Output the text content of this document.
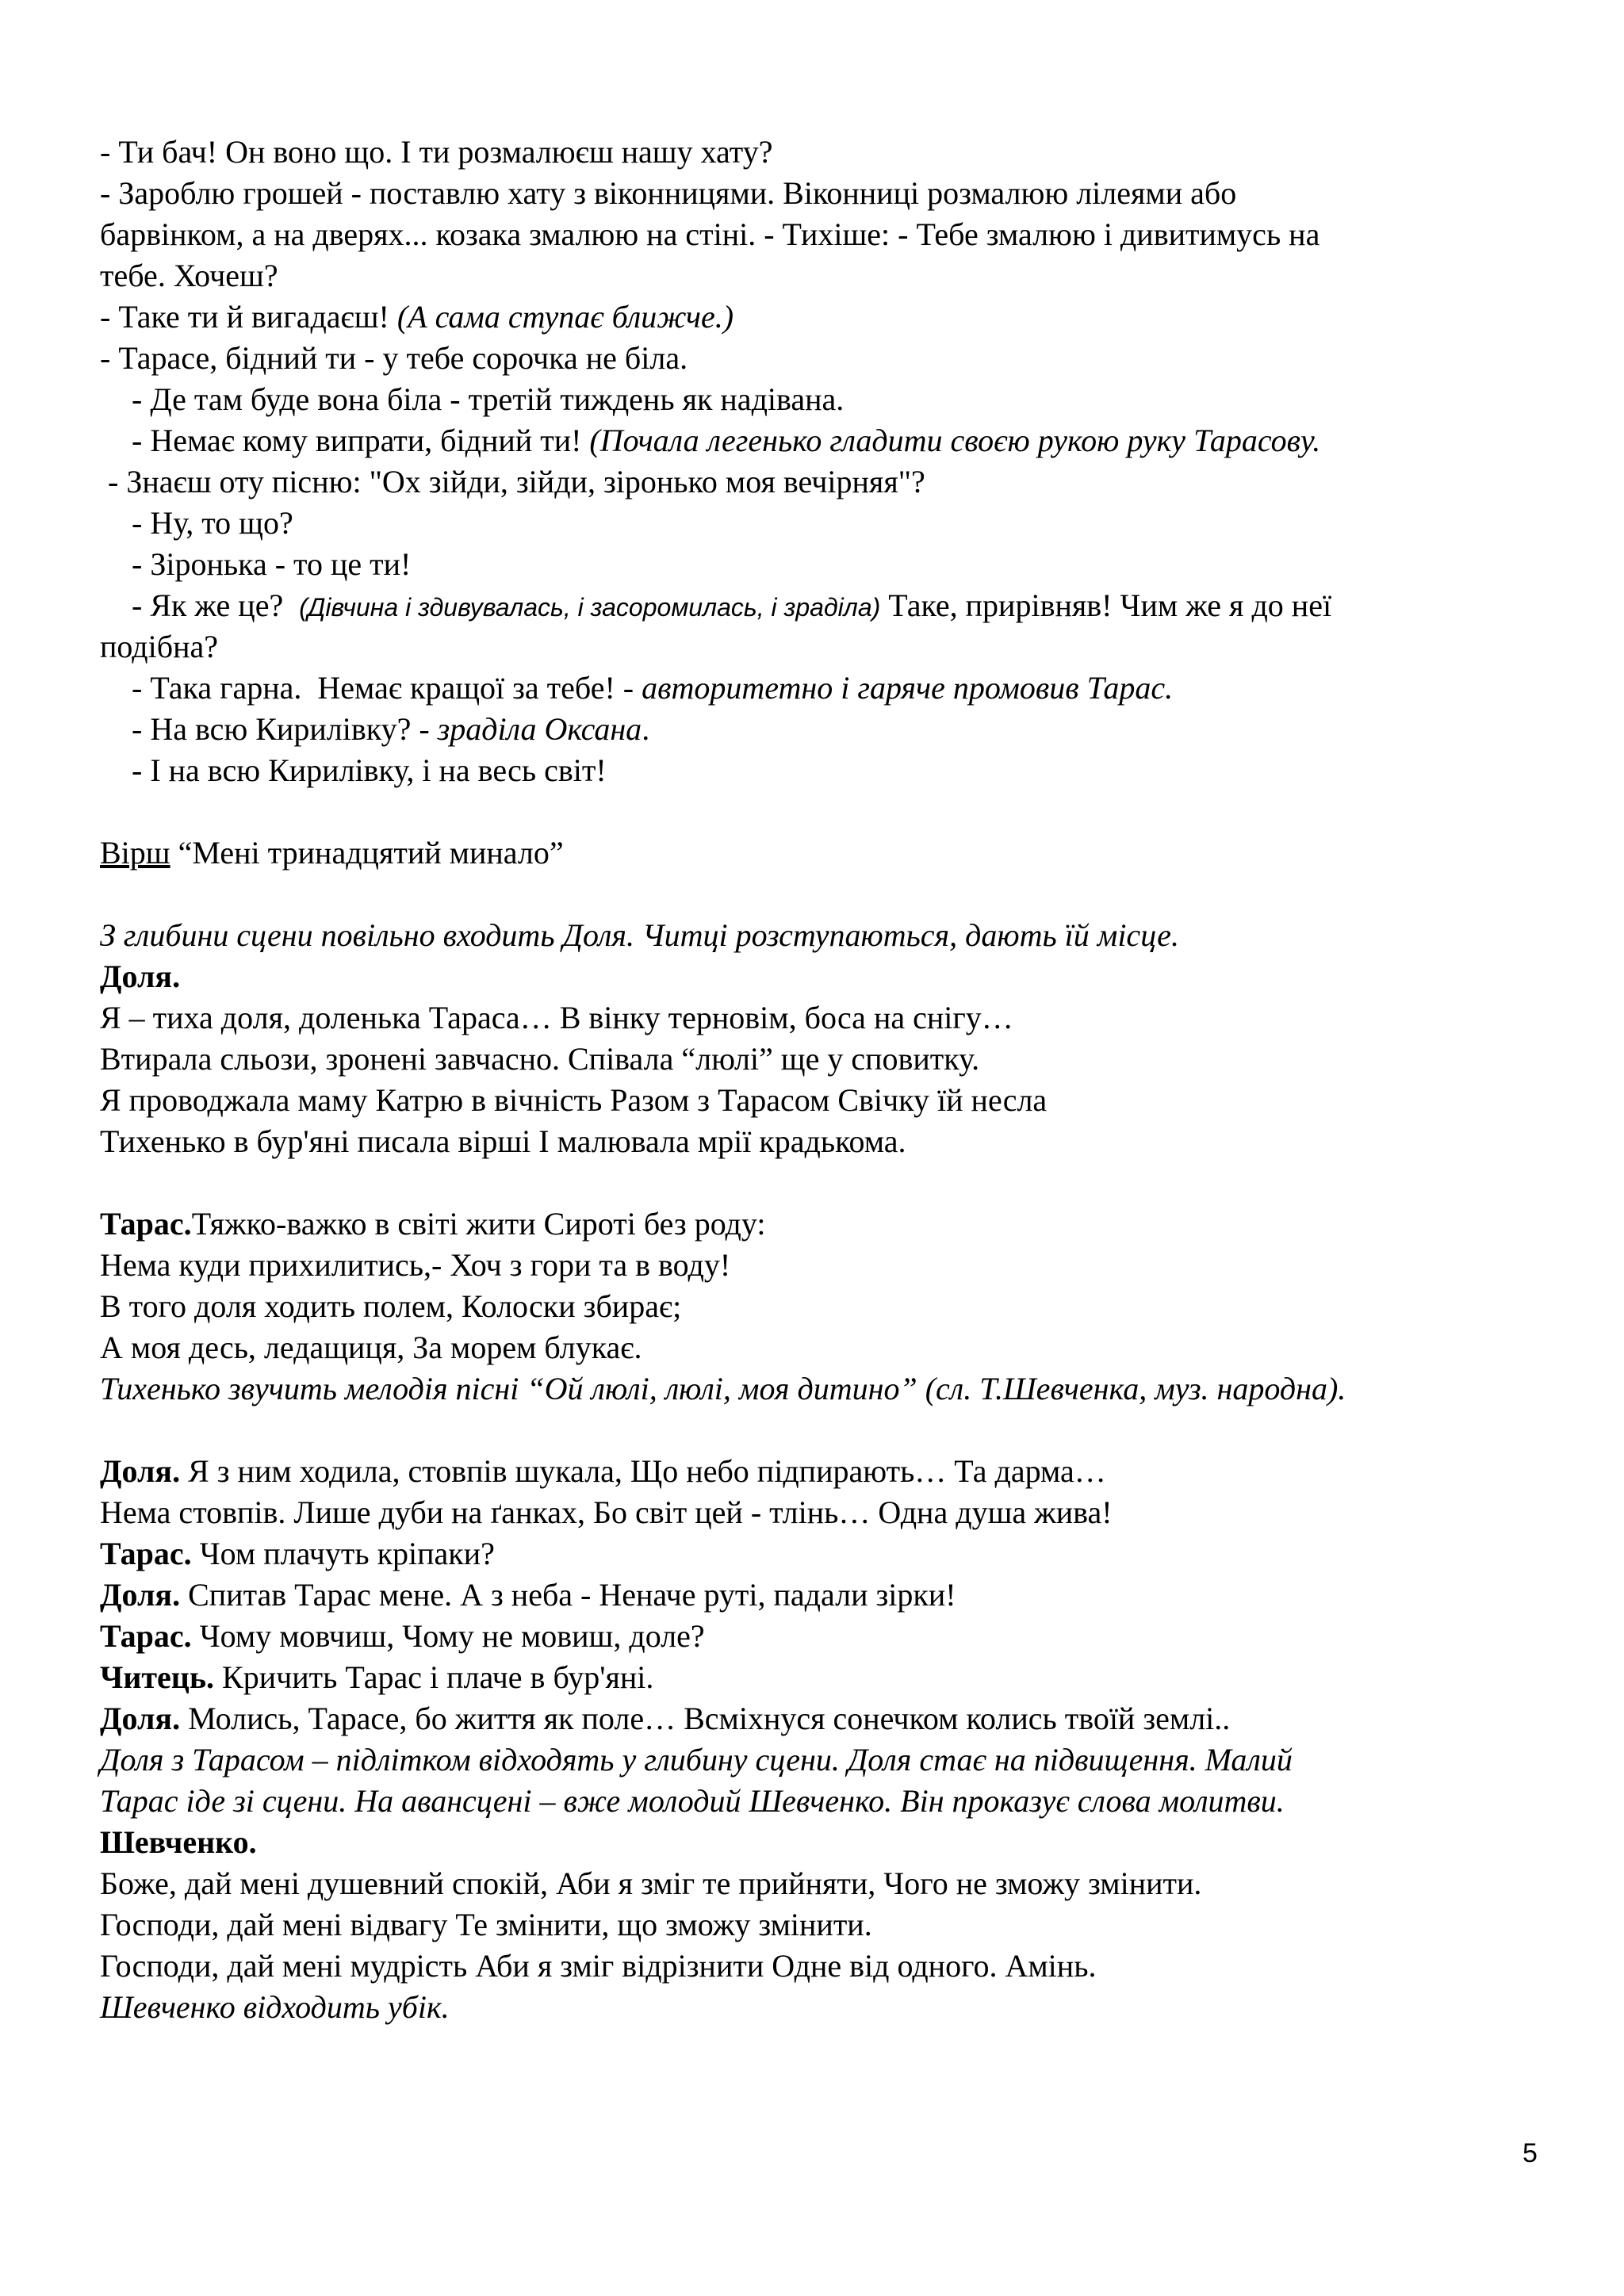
- Ти бач! Он воно що. І ти розмалюєш нашу хату?
- Зароблю грошей - поставлю хату з віконницями. Віконниці розмалюю лілеями або
барвінком, а на дверях... козака змалюю на стіні. - Тихіше: - Тебе змалюю і дивитимусь на
тебе. Хочеш?
- Таке ти й вигадаєш! (А сама ступає ближче.)
- Тарасе, бідний ти - у тебе сорочка не біла.
- Де там буде вона біла - третій тиждень як надівана.
- Немає кому випрати, бідний ти! (Почала легенько гладити своєю рукою руку Тарасову.
- Знаєш оту пісню: "Ох зійди, зійди, зіронько моя вечірняя"?
- Ну, то що?
- Зіронька - то це ти!
- Як же це?  (Дівчина і здивувалась, і засоромилась, і зраділа) Таке, прирівняв! Чим же я до неї
подібна?
- Така гарна.  Немає кращої за тебе! - авторитетно і гаряче промовив Тарас.
- На всю Кирилівку? - зраділа Оксана.
- І на всю Кирилівку, і на весь світ!
Вірш “Мені тринадцятий минало”
З глибини сцени повільно входить Доля. Читці розступаються, дають їй місце.
Доля.
Я – тиха доля, доленька Тараса… В вінку терновім, боса на снігу…
Втирала сльози, зронені завчасно. Співала “люлі” ще у сповитку.
Я проводжала маму Катрю в вічність Разом з Тарасом Свічку їй несла
Тихенько в бур'яні писала вірші І малювала мрії крадькома.
Тарас.Тяжко-важко в світі жити Сироті без роду:
Нема куди прихилитись,- Хоч з гори та в воду!
В того доля ходить полем, Колоски збирає;
А моя десь, ледащиця, За морем блукає.
Тихенько звучить мелодія пісні “Ой люлі, люлі, моя дитино” (сл. Т.Шевченка, муз. народна).
Доля. Я з ним ходила, стовпів шукала, Що небо підпирають… Та дарма…
Нема стовпів. Лише дуби на ґанках, Бо світ цей - тлінь… Одна душа жива!
Тарас. Чом плачуть кріпаки?
Доля. Спитав Тарас мене. А з неба - Неначе руті, падали зірки!
Тарас. Чому мовчиш, Чому не мовиш, доле?
Читець. Кричить Тарас і плаче в бур'яні.
Доля. Молись, Тарасе, бо життя як поле… Всміхнуся сонечком колись твоїй землі..
Доля з Тарасом – підлітком відходять у глибину сцени. Доля стає на підвищення. Малий
Тарас іде зі сцени. На авансцені – вже молодий Шевченко. Він проказує слова молитви.
Шевченко.
Боже, дай мені душевний спокій, Аби я зміг те прийняти, Чого не зможу змінити.
Господи, дай мені відвагу Те змінити, що зможу змінити.
Господи, дай мені мудрість Аби я зміг відрізнити Одне від одного. Амінь.
Шевченко відходить убік.
5
